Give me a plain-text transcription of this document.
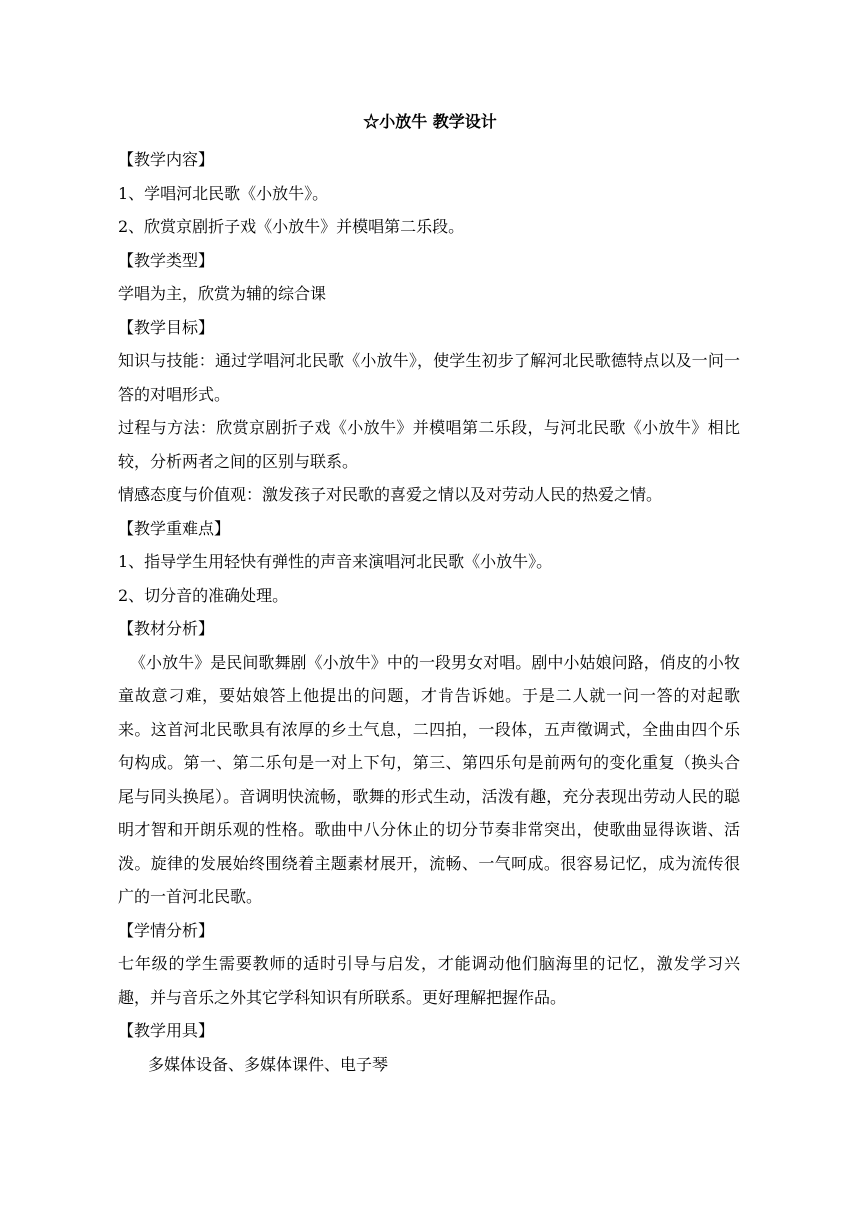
☆小放牛 教学设计
【教学内容】
1、学唱河北民歌《小放牛》。
2、欣赏京剧折子戏《小放牛》并模唱第二乐段。
【教学类型】
学唱为主，欣赏为辅的综合课
【教学目标】

知识与技能：通过学唱河北民歌《小放牛》，使学生初步了解河北民歌德特点以及一问一答的对唱形式。

过程与方法：欣赏京剧折子戏《小放牛》并模唱第二乐段，与河北民歌《小放牛》相比较，分析两者之间的区别与联系。

情感态度与价值观：激发孩子对民歌的喜爱之情以及对劳动人民的热爱之情。

【教学重难点】
1、指导学生用轻快有弹性的声音来演唱河北民歌《小放牛》。
2、切分音的准确处理。
【教材分析】

《小放牛》是民间歌舞剧《小放牛》中的一段男女对唱。剧中小姑娘问路，俏皮的小牧童故意刁难，要姑娘答上他提出的问题，才肯告诉她。于是二人就一问一答的对起歌来。这首河北民歌具有浓厚的乡土气息，二四拍，一段体，五声徵调式，全曲由四个乐句构成。第一、第二乐句是一对上下句，第三、第四乐句是前两句的变化重复（换头合尾与同头换尾）。音调明快流畅，歌舞的形式生动，活泼有趣，充分表现出劳动人民的聪明才智和开朗乐观的性格。歌曲中八分休止的切分节奏非常突出，使歌曲显得诙谐、活泼。旋律的发展始终围绕着主题素材展开，流畅、一气呵成。很容易记忆，成为流传很广的一首河北民歌。

【学情分析】

七年级的学生需要教师的适时引导与启发，才能调动他们脑海里的记忆，激发学习兴趣，并与音乐之外其它学科知识有所联系。更好理解把握作品。

【教学用具】
多媒体设备、多媒体课件、电子琴
